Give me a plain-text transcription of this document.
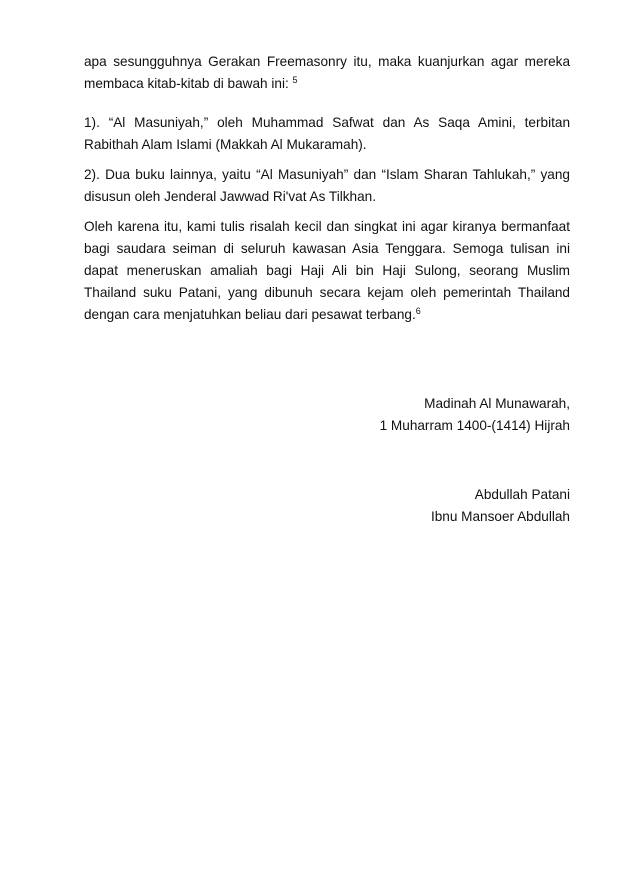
apa sesungguhnya Gerakan Freemasonry itu, maka kuanjurkan agar mereka membaca kitab-kitab di bawah ini: $^5$

1). “Al Masuniyah,” oleh Muhammad Safwat dan As Saqa Amini, terbitan Rabithah Alam Islami (Makkah Al Mukaramah).

2). Dua buku lainnya, yaitu “Al Masuniyah” dan “Islam Sharan Tahlukah,” yang disusun oleh Jenderal Jawwad Ri'vat As Tilkhan.

Oleh karena itu, kami tulis risalah kecil dan singkat ini agar kiranya bermanfaat bagi saudara seiman di seluruh kawasan Asia Tenggara. Semoga tulisan ini dapat meneruskan amaliah bagi Haji Ali bin Haji Sulong, seorang Muslim Thailand suku Patani, yang dibunuh secara kejam oleh pemerintah Thailand dengan cara menjatuhkan beliau dari pesawat terbang.$^6$

Madinah Al Munawarah,

1 Muharram 1400-(1414) Hijrah

Abdullah Patani

Ibnu Mansoer Abdullah
